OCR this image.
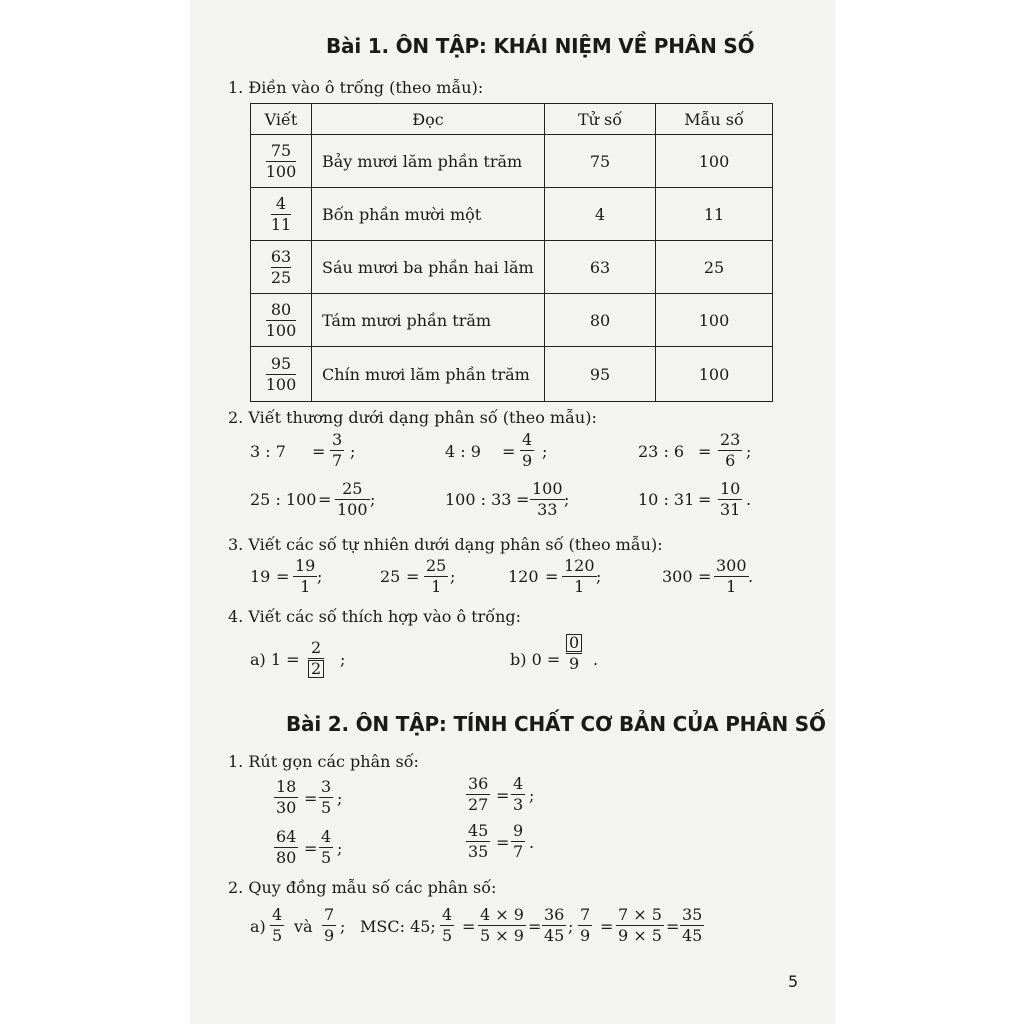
Bài 1. ÔN TẬP: KHÁI NIỆM VỀ PHÂN SỐ
1. Điền vào ô trống (theo mẫu):
Viết	Đọc	Tử số	Mẫu số

$\frac{75}{100}$	Bảy mươi lăm phần trăm	75	100

$\frac{4}{11}$	Bốn phần mười một	4	11

$\frac{63}{25}$	Sáu mươi ba phần hai lăm	63	25

$\frac{80}{100}$	Tám mươi phần trăm	80	100

$\frac{95}{100}$	Chín mươi lăm phần trăm	95	100
2. Viết thương dưới dạng phân số (theo mẫu):
3 : 7 =
3
7 ;	4 : 9 =
4
9 ;	23 : 6 =
23
6 ;
25 : 100 =
25
100
;	100 : 33 =
100
33
;	10 : 31 =
10
31
.
3. Viết các số tự nhiên dưới dạng phân số (theo mẫu):
19 =
19
1
;	25 =
25
1
;	120 =
120
1
;	300 =
300
1
.
4. Viết các số thích hợp vào ô trống:
a) $1 = \frac{2}{2}$ ;	b) $0 = \frac{0}{9}$ .
Bài 2. ÔN TẬP: TÍNH CHẤT CƠ BẢN CỦA PHÂN SỐ
1. Rút gọn các phân số:
18
30 =
3
5 ;
36
27 =
4
3 ;
64
80 =
4
5 ;
45
35 =
9
7 .
2. Quy đồng mẫu số các phân số:
a)
4
5 và
7
9 ; MSC: 45;
4
5 =
4 × 9
5 × 9 =
36
45 ;
7
9 =
7 × 5
9 × 5 =
35
45
5
